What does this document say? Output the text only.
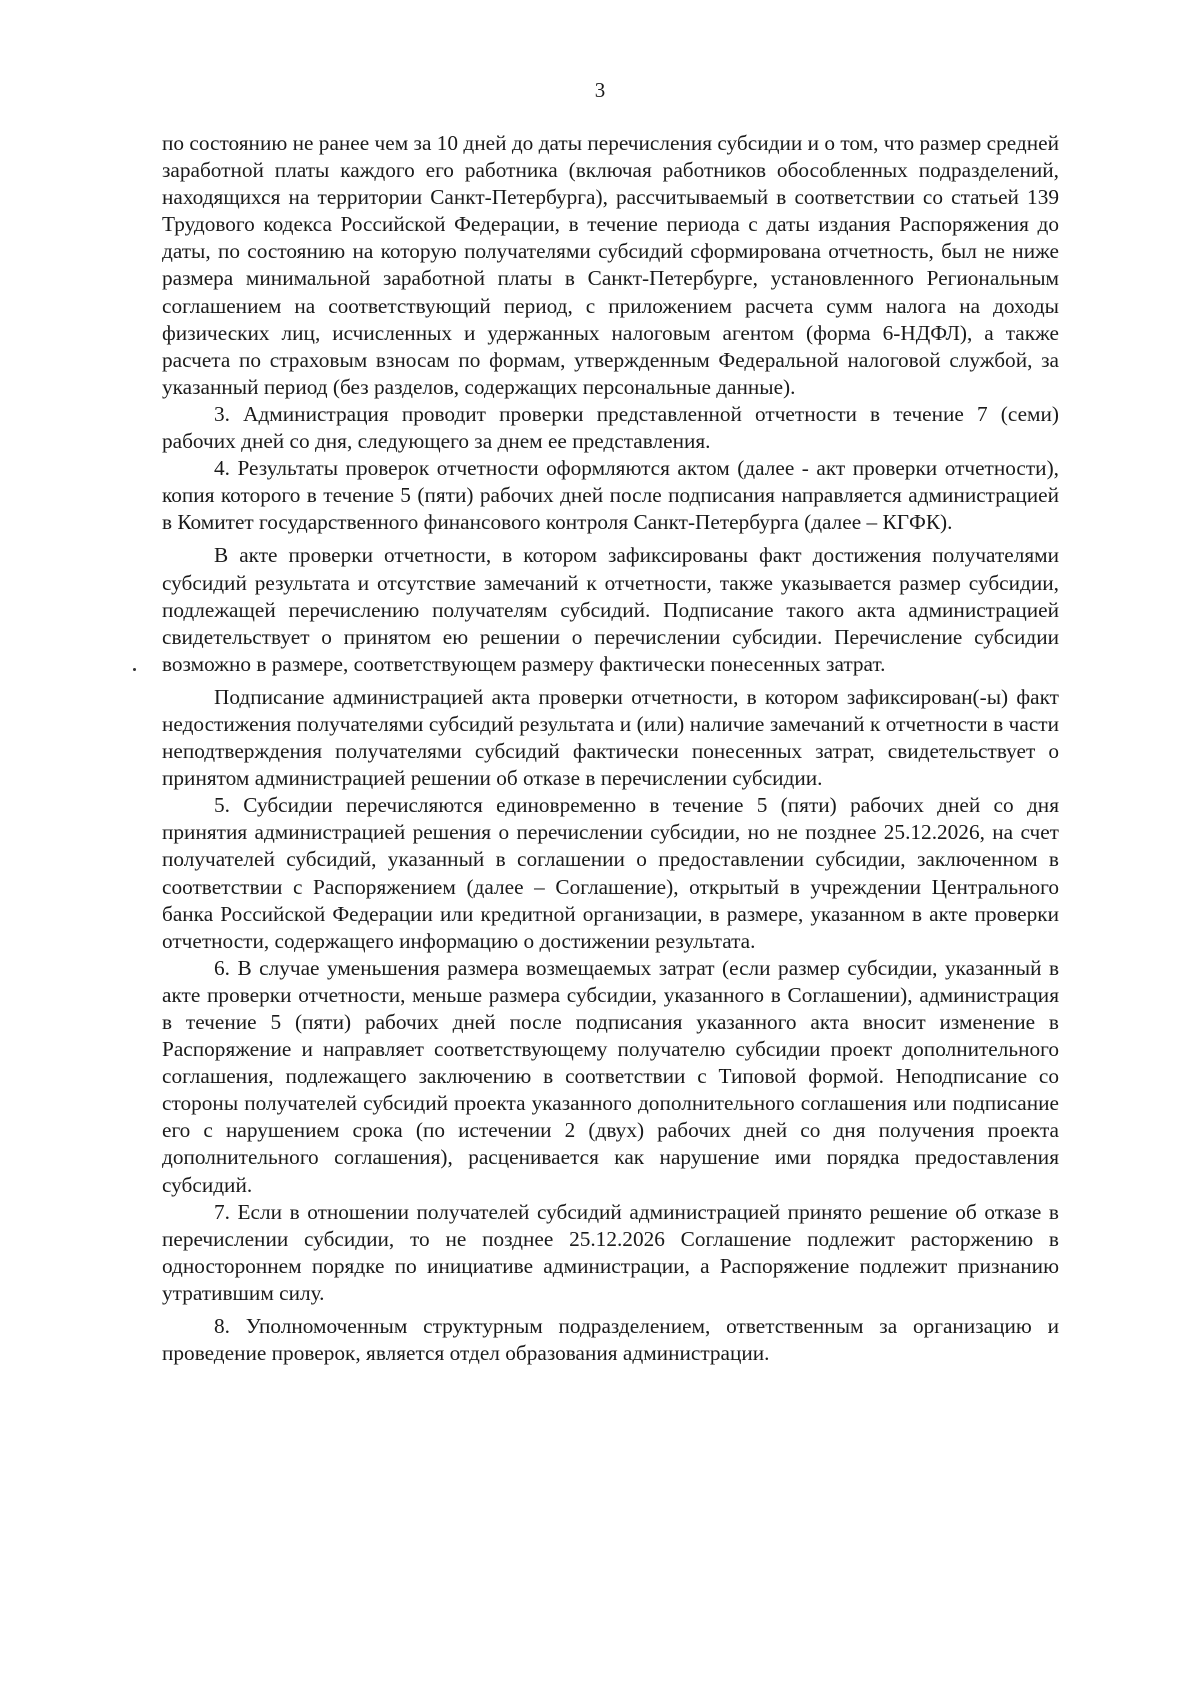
3

по состоянию не ранее чем за 10 дней до даты перечисления субсидии и о том, что размер средней заработной платы каждого его работника (включая работников обособленных подразделений, находящихся на территории Санкт-Петербурга), рассчитываемый в соответствии со статьей 139 Трудового кодекса Российской Федерации, в течение периода с даты издания Распоряжения до даты, по состоянию на которую получателями субсидий сформирована отчетность, был не ниже размера минимальной заработной платы в Санкт-Петербурге, установленного Региональным соглашением на соответствующий период, с приложением расчета сумм налога на доходы физических лиц, исчисленных и удержанных налоговым агентом (форма 6-НДФЛ), а также расчета по страховым взносам по формам, утвержденным Федеральной налоговой службой, за указанный период (без разделов, содержащих персональные данные).

3. Администрация проводит проверки представленной отчетности в течение 7 (семи) рабочих дней со дня, следующего за днем ее представления.

4. Результаты проверок отчетности оформляются актом (далее - акт проверки отчетности), копия которого в течение 5 (пяти) рабочих дней после подписания направляется администрацией в Комитет государственного финансового контроля Санкт-Петербурга (далее – КГФК).

В акте проверки отчетности, в котором зафиксированы факт достижения получателями субсидий результата и отсутствие замечаний к отчетности, также указывается размер субсидии, подлежащей перечислению получателям субсидий. Подписание такого акта администрацией свидетельствует о принятом ею решении о перечислении субсидии. Перечисление субсидии возможно в размере, соответствующем размеру фактически понесенных затрат.

Подписание администрацией акта проверки отчетности, в котором зафиксирован(-ы) факт недостижения получателями субсидий результата и (или) наличие замечаний к отчетности в части неподтверждения получателями субсидий фактически понесенных затрат, свидетельствует о принятом администрацией решении об отказе в перечислении субсидии.

5. Субсидии перечисляются единовременно в течение 5 (пяти) рабочих дней со дня принятия администрацией решения о перечислении субсидии, но не позднее 25.12.2026, на счет получателей субсидий, указанный в соглашении о предоставлении субсидии, заключенном в соответствии с Распоряжением (далее – Соглашение), открытый в учреждении Центрального банка Российской Федерации или кредитной организации, в размере, указанном в акте проверки отчетности, содержащего информацию о достижении результата.

6. В случае уменьшения размера возмещаемых затрат (если размер субсидии, указанный в акте проверки отчетности, меньше размера субсидии, указанного в Соглашении), администрация в течение 5 (пяти) рабочих дней после подписания указанного акта вносит изменение в Распоряжение и направляет соответствующему получателю субсидии проект дополнительного соглашения, подлежащего заключению в соответствии с Типовой формой. Неподписание со стороны получателей субсидий проекта указанного дополнительного соглашения или подписание его с нарушением срока (по истечении 2 (двух) рабочих дней со дня получения проекта дополнительного соглашения), расценивается как нарушение ими порядка предоставления субсидий.

7. Если в отношении получателей субсидий администрацией принято решение об отказе в перечислении субсидии, то не позднее 25.12.2026 Соглашение подлежит расторжению в одностороннем порядке по инициативе администрации, а Распоряжение подлежит признанию утратившим силу.

8. Уполномоченным структурным подразделением, ответственным за организацию и проведение проверок, является отдел образования администрации.
